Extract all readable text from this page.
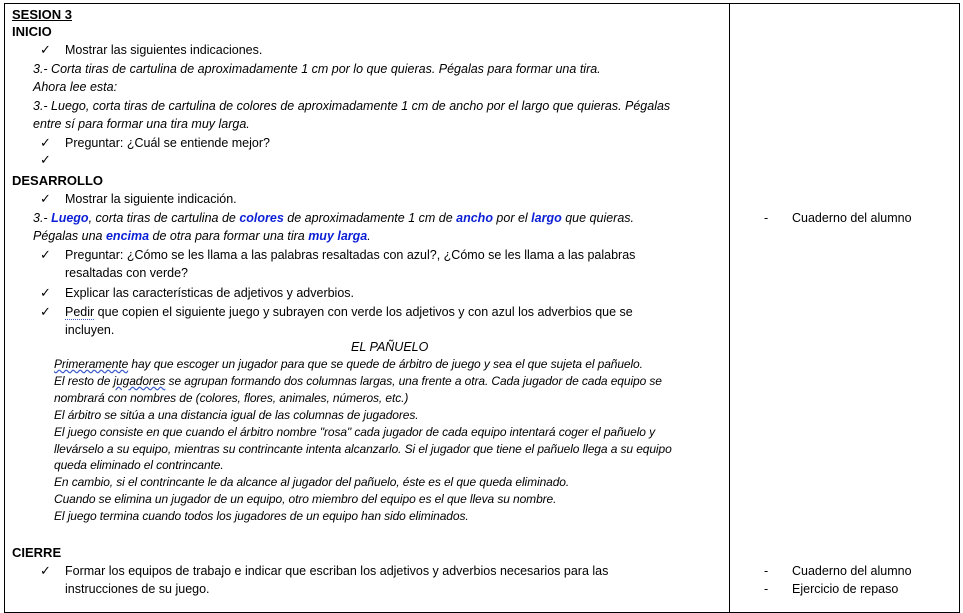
SESION 3
INICIO
✓ Mostrar las siguientes indicaciones.
3.- Corta tiras de cartulina de aproximadamente 1 cm por lo que quieras. Pégalas para formar una tira.
Ahora lee esta:
3.- Luego, corta tiras de cartulina de colores de aproximadamente 1 cm de ancho por el largo que quieras. Pégalas
entre sí para formar una tira muy larga.
✓ Preguntar: ¿Cuál se entiende mejor?
✓
DESARROLLO
✓ Mostrar la siguiente indicación.
3.- Luego, corta tiras de cartulina de colores de aproximadamente 1 cm de ancho por el largo que quieras.
Pégalas una encima de otra para formar una tira muy larga.
✓ Preguntar: ¿Cómo se les llama a las palabras resaltadas con azul?, ¿Cómo se les llama a las palabras
resaltadas con verde?
✓ Explicar las características de adjetivos y adverbios.
✓ Pedir que copien el siguiente juego y subrayen con verde los adjetivos y con azul los adverbios que se
incluyen.
EL PAÑUELO
Primeramente hay que escoger un jugador para que se quede de árbitro de juego y sea el que sujeta el pañuelo.
El resto de jugadores se agrupan formando dos columnas largas, una frente a otra. Cada jugador de cada equipo se
nombrará con nombres de (colores, flores, animales, números, etc.)
El árbitro se sitúa a una distancia igual de las columnas de jugadores.
El juego consiste en que cuando el árbitro nombre "rosa" cada jugador de cada equipo intentará coger el pañuelo y
llevárselo a su equipo, mientras su contrincante intenta alcanzarlo. Si el jugador que tiene el pañuelo llega a su equipo
queda eliminado el contrincante.
En cambio, si el contrincante le da alcance al jugador del pañuelo, éste es el que queda eliminado.
Cuando se elimina un jugador de un equipo, otro miembro del equipo es el que lleva su nombre.
El juego termina cuando todos los jugadores de un equipo han sido eliminados.
CIERRE
✓ Formar los equipos de trabajo e indicar que escriban los adjetivos y adverbios necesarios para las
instrucciones de su juego.
- Cuaderno del alumno
- Cuaderno del alumno
- Ejercicio de repaso
